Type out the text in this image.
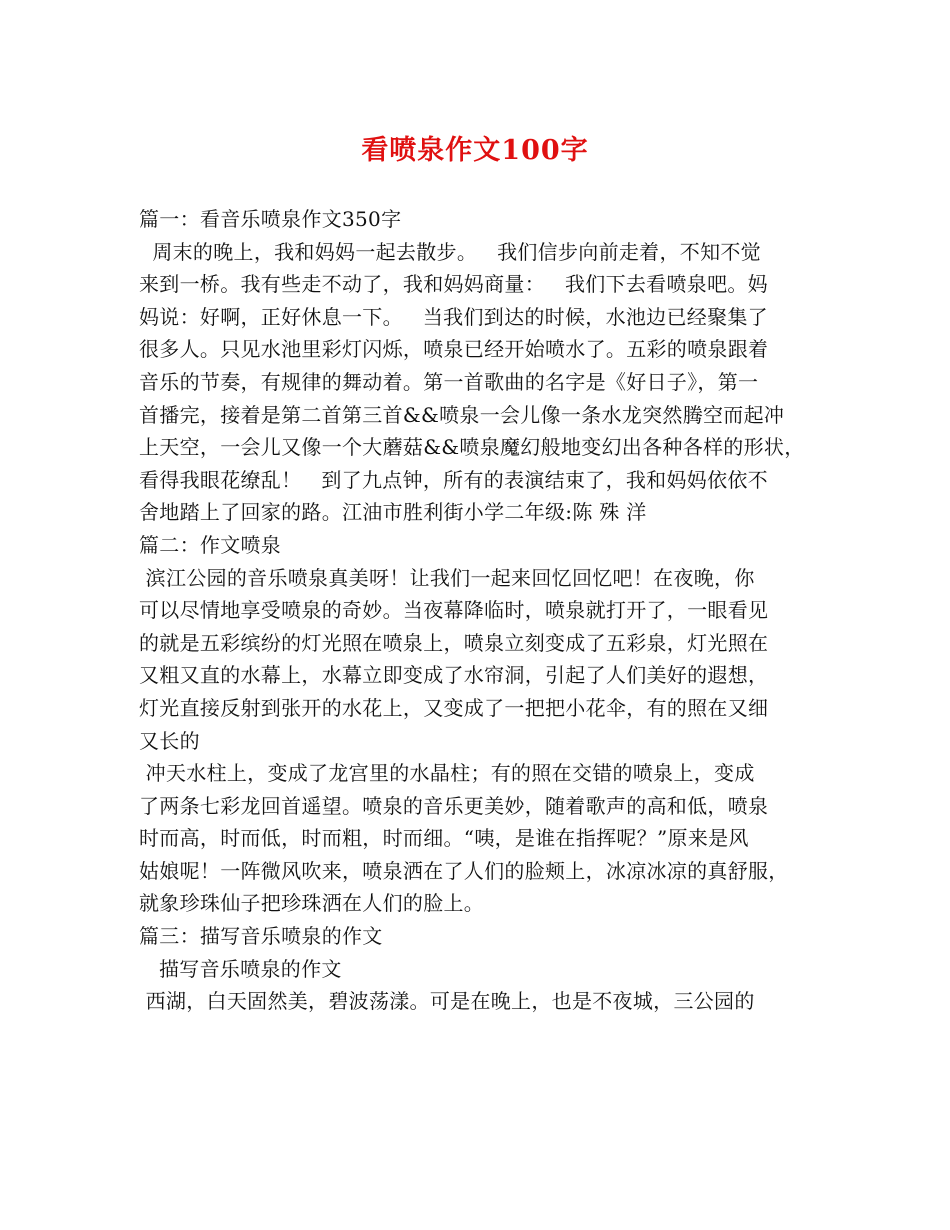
看喷泉作文100字
篇一：看音乐喷泉作文350字
周末的晚上，我和妈妈一起去散步。   我们信步向前走着，不知不觉
来到一桥。我有些走不动了，我和妈妈商量：   我们下去看喷泉吧。妈
妈说：好啊，正好休息一下。   当我们到达的时候，水池边已经聚集了
很多人。只见水池里彩灯闪烁，喷泉已经开始喷水了。五彩的喷泉跟着
音乐的节奏，有规律的舞动着。第一首歌曲的名字是《好日子》，第一
首播完，接着是第二首第三首&&喷泉一会儿像一条水龙突然腾空而起冲
上天空，一会儿又像一个大蘑菇&&喷泉魔幻般地变幻出各种各样的形状，
看得我眼花缭乱！   到了九点钟，所有的表演结束了，我和妈妈依依不
舍地踏上了回家的路。江油市胜利街小学二年级:陈 殊 洋
篇二：作文喷泉
滨江公园的音乐喷泉真美呀！让我们一起来回忆回忆吧！在夜晚，你
可以尽情地享受喷泉的奇妙。当夜幕降临时，喷泉就打开了，一眼看见
的就是五彩缤纷的灯光照在喷泉上，喷泉立刻变成了五彩泉，灯光照在
又粗又直的水幕上，水幕立即变成了水帘洞，引起了人们美好的遐想，
灯光直接反射到张开的水花上，又变成了一把把小花伞，有的照在又细
又长的
冲天水柱上，变成了龙宫里的水晶柱；有的照在交错的喷泉上，变成
了两条七彩龙回首遥望。喷泉的音乐更美妙，随着歌声的高和低，喷泉
时而高，时而低，时而粗，时而细。“咦，是谁在指挥呢？”原来是风
姑娘呢！一阵微风吹来，喷泉洒在了人们的脸颊上，冰凉冰凉的真舒服，
就象珍珠仙子把珍珠洒在人们的脸上。
篇三：描写音乐喷泉的作文
描写音乐喷泉的作文
西湖，白天固然美，碧波荡漾。可是在晚上，也是不夜城，三公园的
